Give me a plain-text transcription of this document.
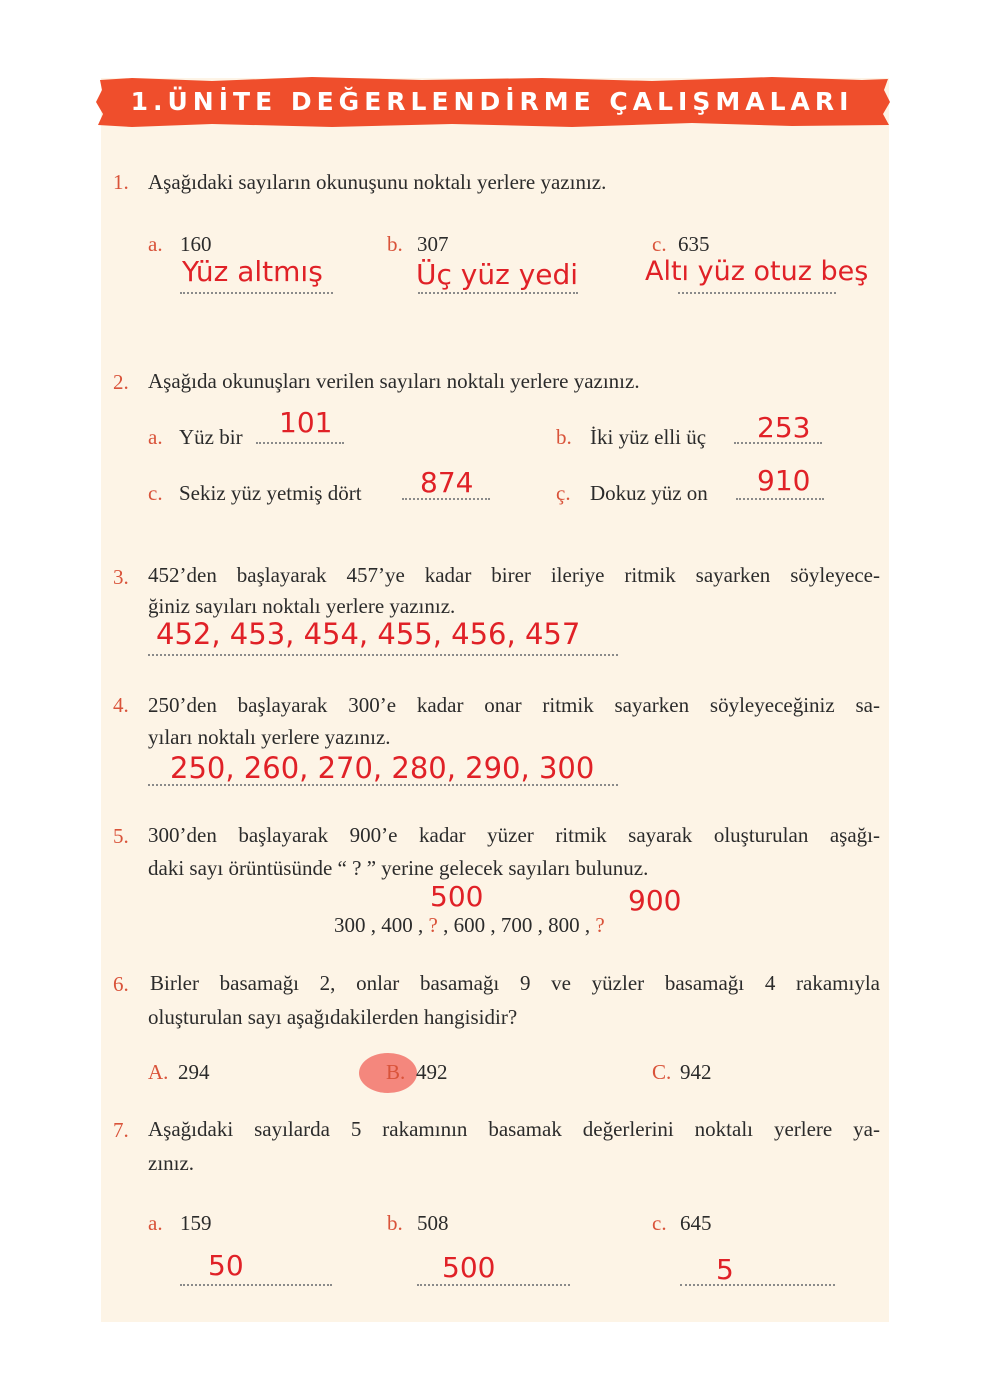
1.ÜNİTE DEĞERLENDİRME ÇALIŞMALARI
1. Aşağıdaki sayıların okunuşunu noktalı yerlere yazınız.
a. 160
Yüz altmış
b. 307
Üç yüz yedi
c. 635
Altı yüz otuz beş
2. Aşağıda okunuşları verilen sayıları noktalı yerlere yazınız.
a. Yüz bir 101	b. İki yüz elli üç 253
c. Sekiz yüz yetmiş dört 874	ç. Dokuz yüz on 910
3. 452’den başlayarak 457’ye kadar birer ileriye ritmik sayarken söyleyece-
ğiniz sayıları noktalı yerlere yazınız.
452, 453, 454, 455, 456, 457
4. 250’den başlayarak 300’e kadar onar ritmik sayarken söyleyeceğiniz sa-
yıları noktalı yerlere yazınız.
250, 260, 270, 280, 290, 300
5. 300’den başlayarak 900’e kadar yüzer ritmik sayarak oluşturulan aşağı-
daki sayı örüntüsünde “ ? ” yerine gelecek sayıları bulunuz.
500	900
300 , 400 , ? , 600 , 700 , 800 , ?
6. Birler basamağı 2, onlar basamağı 9 ve yüzler basamağı 4 rakamıyla
oluşturulan sayı aşağıdakilerden hangisidir?
A. 294	B. 492	C. 942
7. Aşağıdaki sayılarda 5 rakamının basamak değerlerini noktalı yerlere ya-
zınız.
a. 159
50
b. 508
500
c. 645
5
